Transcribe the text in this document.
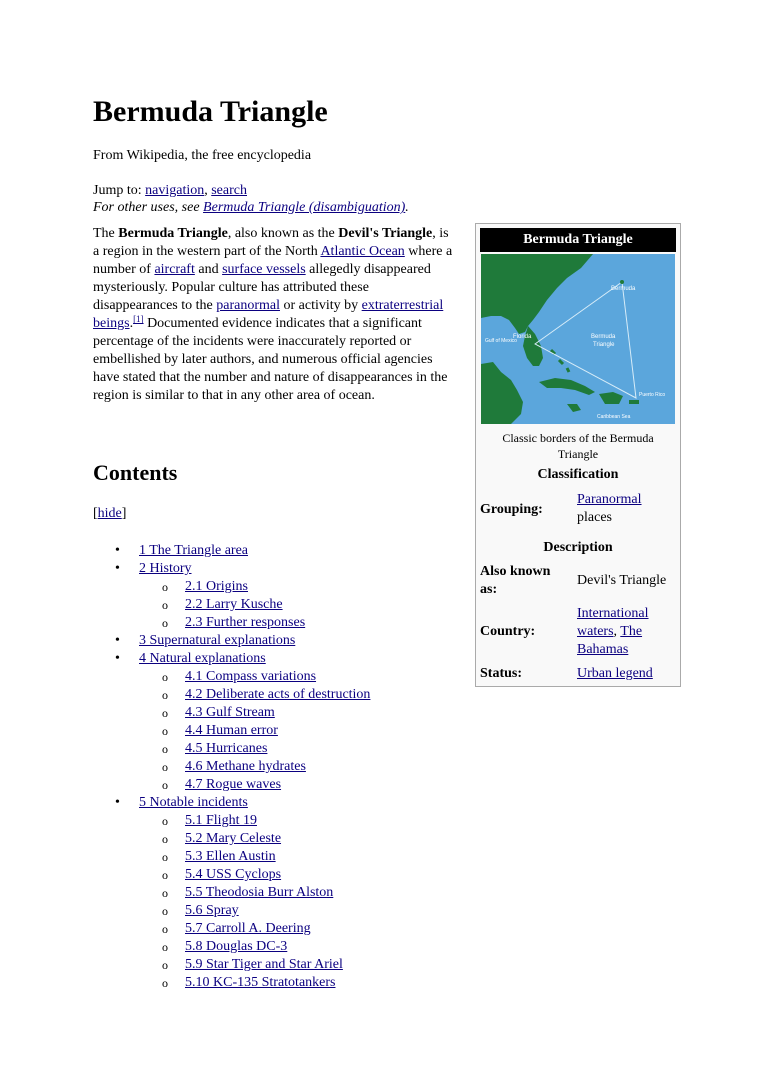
Bermuda Triangle
From Wikipedia, the free encyclopedia
Jump to: navigation, search
For other uses, see Bermuda Triangle (disambiguation).
The Bermuda Triangle, also known as the Devil's Triangle, is a region in the western part of the North Atlantic Ocean where a number of aircraft and surface vessels allegedly disappeared mysteriously. Popular culture has attributed these disappearances to the paranormal or activity by extraterrestrial beings.[1] Documented evidence indicates that a significant percentage of the incidents were inaccurately reported or embellished by later authors, and numerous official agencies have stated that the number and nature of disappearances in the region is similar to that in any other area of ocean.
Contents
[hide]
• 1 The Triangle area
• 2 History
o 2.1 Origins
o 2.2 Larry Kusche
o 2.3 Further responses
• 3 Supernatural explanations
• 4 Natural explanations
o 4.1 Compass variations
o 4.2 Deliberate acts of destruction
o 4.3 Gulf Stream
o 4.4 Human error
o 4.5 Hurricanes
o 4.6 Methane hydrates
o 4.7 Rogue waves
• 5 Notable incidents
o 5.1 Flight 19
o 5.2 Mary Celeste
o 5.3 Ellen Austin
o 5.4 USS Cyclops
o 5.5 Theodosia Burr Alston
o 5.6 Spray
o 5.7 Carroll A. Deering
o 5.8 Douglas DC-3
o 5.9 Star Tiger and Star Ariel
o 5.10 KC-135 Stratotankers
Bermuda Triangle
Bermuda
Florida	Bermuda
Triangle
Gulf of Mexico
Puerto Rico
Caribbean Sea
Classic borders of the Bermuda Triangle
Classification
Grouping:
Paranormal
places
Description
Also known
as:
Devil's Triangle
Country:
International
waters, The
Bahamas
Status:	Urban legend
